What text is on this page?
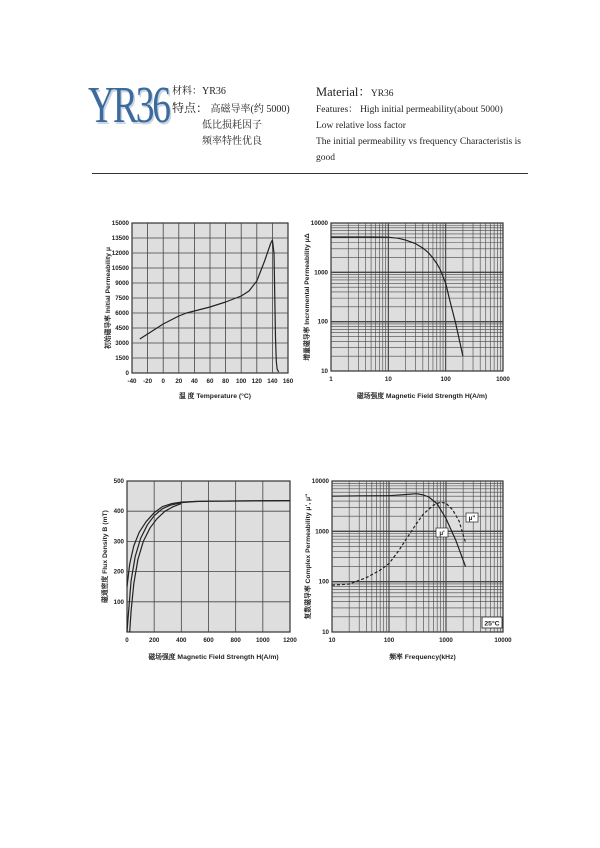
YR36 材料：YR36
特点： 高磁导率(约 5000)
低比损耗因子
频率特性优良
Material：YR36
Features： High initial permeability(about 5000)
Low relative loss factor
The initial permeability vs frequency Characteristis is good
-40 -20 0 20 40 60 80 100 120 140 160
0
1500
3000
4500
6000
7500
9000
10500
12000
13500
15000
温 度 Temperature (°C)
初始磁导率 Initial Permeability μ
1	10	100	1000
10
100
1000
10000
磁场强度 Magnetic Field Strength H(A/m)
增量磁导率 Incremental Permeability μΔ
0	200	400	600	800 1000 1200
100
200
300
400
500
磁场强度 Magnetic Field Strength H(A/m)
磁通密度 Flux Density B (mT)
10	100	1000	10000
10
100
1000
10000
频率 Frequency(kHz)
复数磁导率 Complex Permeability μ', μ"	μ'
μ"
25°C
